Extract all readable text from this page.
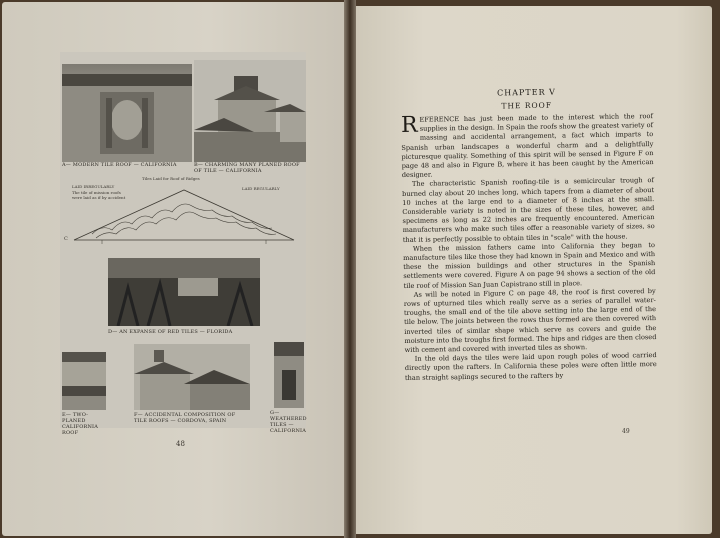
A— MODERN TILE ROOF — CALIFORNIA	B— CHARMING MANY PLANED ROOF OF TILE — CALIFORNIA
Tiles Laid for Roof of Ridges
LAID IRREGULARLY
The tile of mission roofs were laid as if by accident
LAID REGULARLY
C
D— AN EXPANSE OF RED TILES — FLORIDA
E— TWO-PLANED CALIFORNIA ROOF
F— ACCIDENTAL COMPOSITION OF TILE ROOFS — CORDOVA, SPAIN
G— WEATHERED TILES — CALIFORNIA
48
CHAPTER V
THE ROOF

REFERENCE has just been made to the interest which the roof supplies in the design. In Spain the roofs show the greatest variety of massing and accidental arrangement, a fact which imparts to Spanish urban landscapes a wonderful charm and a delightfully picturesque quality. Something of this spirit will be sensed in Figure F on page 48 and also in Figure B, where it has been caught by the American designer.

The characteristic Spanish roofing-tile is a semicircular trough of burned clay about 20 inches long, which tapers from a diameter of about 10 inches at the large end to a diameter of 8 inches at the small. Considerable variety is noted in the sizes of these tiles, however, and specimens as long as 22 inches are frequently encountered. American manufacturers who make such tiles offer a reasonable variety of sizes, so that it is perfectly possible to obtain tiles in "scale" with the house.

When the mission fathers came into California they began to manufacture tiles like those they had known in Spain and Mexico and with these the mission buildings and other structures in the Spanish settlements were covered. Figure A on page 94 shows a section of the old tile roof of Mission San Juan Capistrano still in place.

As will be noted in Figure C on page 48, the roof is first covered by rows of upturned tiles which really serve as a series of parallel water-troughs, the small end of the tile above setting into the large end of the tile below. The joints between the rows thus formed are then covered with inverted tiles of similar shape which serve as covers and guide the moisture into the troughs first formed. The hips and ridges are then closed with cement and covered with inverted tiles as shown.

In the old days the tiles were laid upon rough poles of wood carried directly upon the rafters. In California these poles were often little more than straight saplings secured to the rafters by

49
